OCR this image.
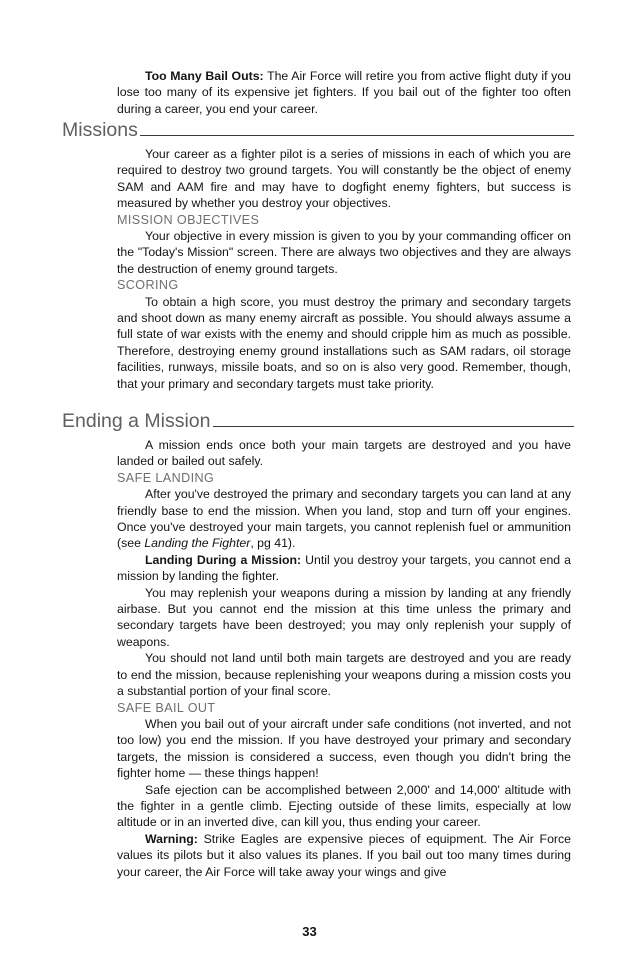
Too Many Bail Outs: The Air Force will retire you from active flight duty if you lose too many of its expensive jet fighters. If you bail out of the fighter too often during a career, you end your career.

Missions

Your career as a fighter pilot is a series of missions in each of which you are required to destroy two ground targets. You will constantly be the object of enemy SAM and AAM fire and may have to dogfight enemy fighters, but success is measured by whether you destroy your objectives.

MISSION OBJECTIVES

Your objective in every mission is given to you by your commanding officer on the "Today's Mission" screen. There are always two objectives and they are always the destruction of enemy ground targets.

SCORING

To obtain a high score, you must destroy the primary and secondary targets and shoot down as many enemy aircraft as possible. You should always assume a full state of war exists with the enemy and should cripple him as much as possible. Therefore, destroying enemy ground installations such as SAM radars, oil storage facilities, runways, missile boats, and so on is also very good. Remember, though, that your primary and secondary targets must take priority.

Ending a Mission

A mission ends once both your main targets are destroyed and you have landed or bailed out safely.

SAFE LANDING

After you've destroyed the primary and secondary targets you can land at any friendly base to end the mission. When you land, stop and turn off your engines. Once you've destroyed your main targets, you cannot replenish fuel or ammunition (see Landing the Fighter, pg 41).

Landing During a Mission: Until you destroy your targets, you cannot end a mission by landing the fighter.

You may replenish your weapons during a mission by landing at any friendly airbase. But you cannot end the mission at this time unless the primary and secondary targets have been destroyed; you may only replenish your supply of weapons.

You should not land until both main targets are destroyed and you are ready to end the mission, because replenishing your weapons during a mission costs you a substantial portion of your final score.

SAFE BAIL OUT

When you bail out of your aircraft under safe conditions (not inverted, and not too low) you end the mission. If you have destroyed your primary and secondary targets, the mission is considered a success, even though you didn't bring the fighter home — these things happen!

Safe ejection can be accomplished between 2,000' and 14,000' altitude with the fighter in a gentle climb. Ejecting outside of these limits, especially at low altitude or in an inverted dive, can kill you, thus ending your career.

Warning: Strike Eagles are expensive pieces of equipment. The Air Force values its pilots but it also values its planes. If you bail out too many times during your career, the Air Force will take away your wings and give

33
